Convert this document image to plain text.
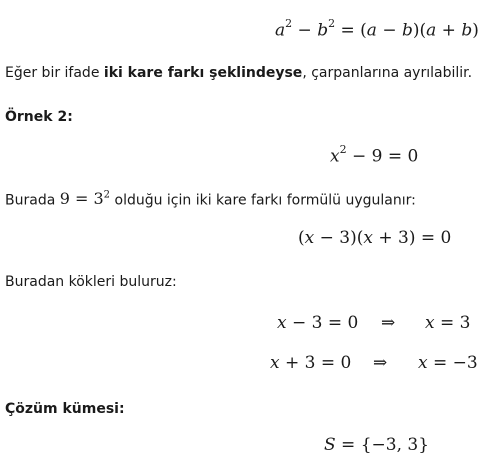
$a^2 - b^2 = (a - b)(a + b)$
Eğer bir ifade iki kare farkı şeklindeyse, çarpanlarına ayrılabilir.
Örnek 2:
$x^2 - 9 = 0$
Burada $9 = 3^2$ olduğu için iki kare farkı formülü uygulanır:
(x − 3)(x + 3) = 0
Buradan kökleri buluruz:
x − 3 = 0 ⇒ x = 3
x + 3 = 0 ⇒ x = −3
Çözüm kümesi:
S = {−3, 3}
